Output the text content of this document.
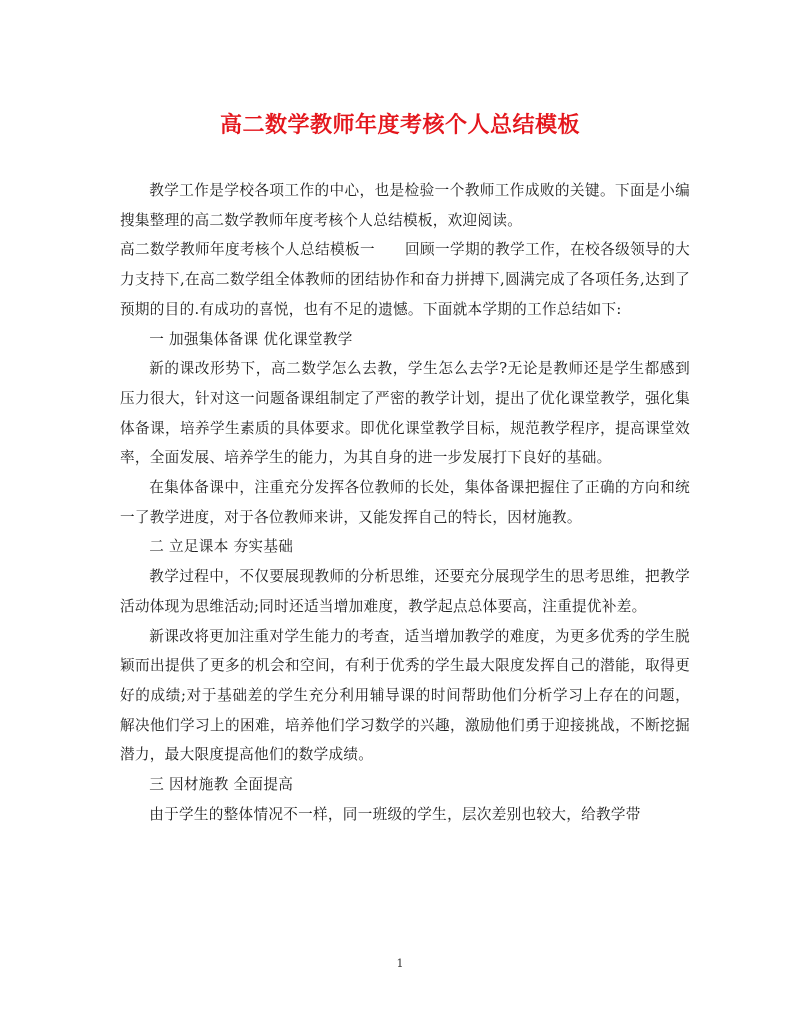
高二数学教师年度考核个人总结模板

教学工作是学校各项工作的中心，也是检验一个教师工作成败的关键。下面是小编搜集整理的高二数学教师年度考核个人总结模板，欢迎阅读。

高二数学教师年度考核个人总结模板一　　回顾一学期的教学工作，在校各级领导的大力支持下,在高二数学组全体教师的团结协作和奋力拼搏下,圆满完成了各项任务,达到了预期的目的.有成功的喜悦，也有不足的遗憾。下面就本学期的工作总结如下:

一 加强集体备课 优化课堂教学

新的课改形势下，高二数学怎么去教，学生怎么去学?无论是教师还是学生都感到压力很大，针对这一问题备课组制定了严密的教学计划，提出了优化课堂教学，强化集体备课，培养学生素质的具体要求。即优化课堂教学目标，规范教学程序，提高课堂效率，全面发展、培养学生的能力，为其自身的进一步发展打下良好的基础。

在集体备课中，注重充分发挥各位教师的长处，集体备课把握住了正确的方向和统一了教学进度，对于各位教师来讲，又能发挥自己的特长，因材施教。

二 立足课本 夯实基础

教学过程中，不仅要展现教师的分析思维，还要充分展现学生的思考思维，把教学活动体现为思维活动;同时还适当增加难度，教学起点总体要高，注重提优补差。

新课改将更加注重对学生能力的考查，适当增加教学的难度，为更多优秀的学生脱颖而出提供了更多的机会和空间，有利于优秀的学生最大限度发挥自己的潜能，取得更好的成绩;对于基础差的学生充分利用辅导课的时间帮助他们分析学习上存在的问题，解决他们学习上的困难，培养他们学习数学的兴趣，激励他们勇于迎接挑战，不断挖掘潜力，最大限度提高他们的数学成绩。

三 因材施教 全面提高

由于学生的整体情况不一样，同一班级的学生，层次差别也较大，给教学带

1
